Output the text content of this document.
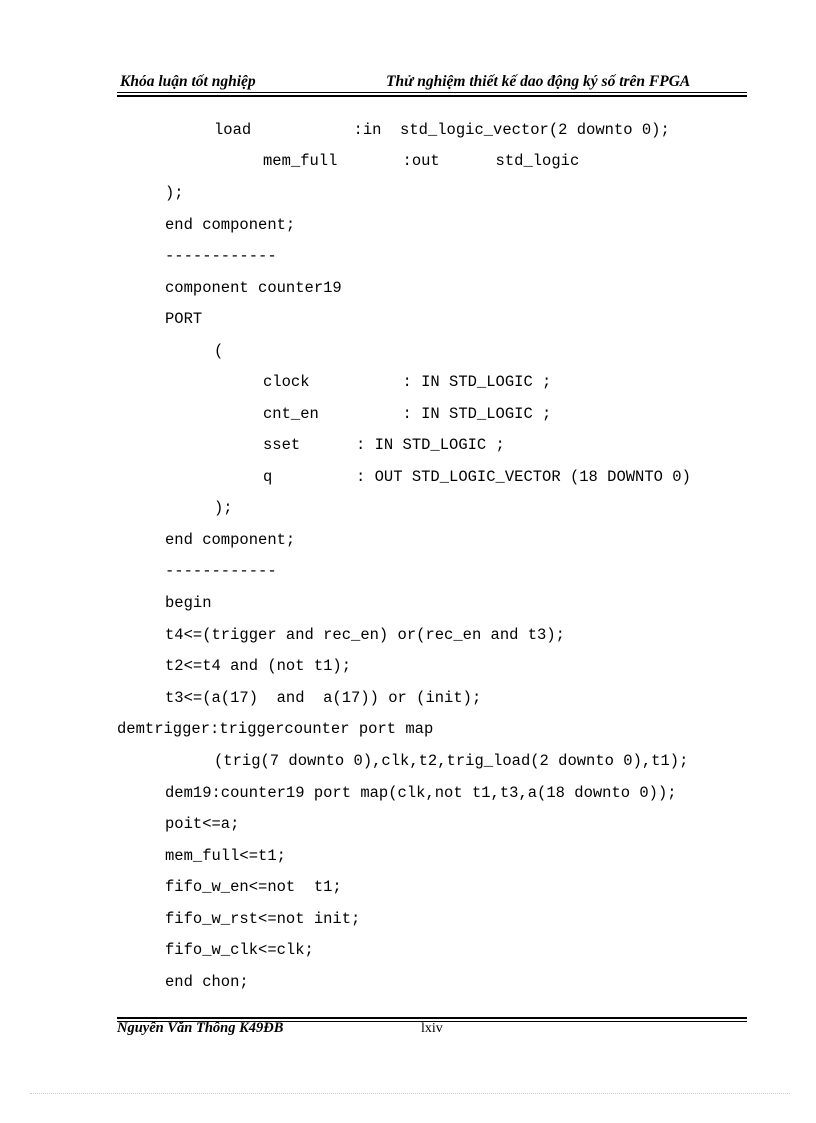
Khóa luận tốt nghiệp	Thử nghiệm thiết kế dao động ký số trên FPGA
load           :in  std_logic_vector(2 downto 0);
mem_full       :out      std_logic
);
end component;
------------
component counter19
PORT
(
clock          : IN STD_LOGIC ;
cnt_en         : IN STD_LOGIC ;
sset      : IN STD_LOGIC ;
q         : OUT STD_LOGIC_VECTOR (18 DOWNTO 0)
);
end component;
------------
begin
t4<=(trigger and rec_en) or(rec_en and t3);
t2<=t4 and (not t1);
t3<=(a(17)  and  a(17)) or (init);
demtrigger:triggercounter port map
(trig(7 downto 0),clk,t2,trig_load(2 downto 0),t1);
dem19:counter19 port map(clk,not t1,t3,a(18 downto 0));
poit<=a;
mem_full<=t1;
fifo_w_en<=not  t1;
fifo_w_rst<=not init;
fifo_w_clk<=clk;
end chon;
Nguyên Văn Thông K49ĐB	lxiv
